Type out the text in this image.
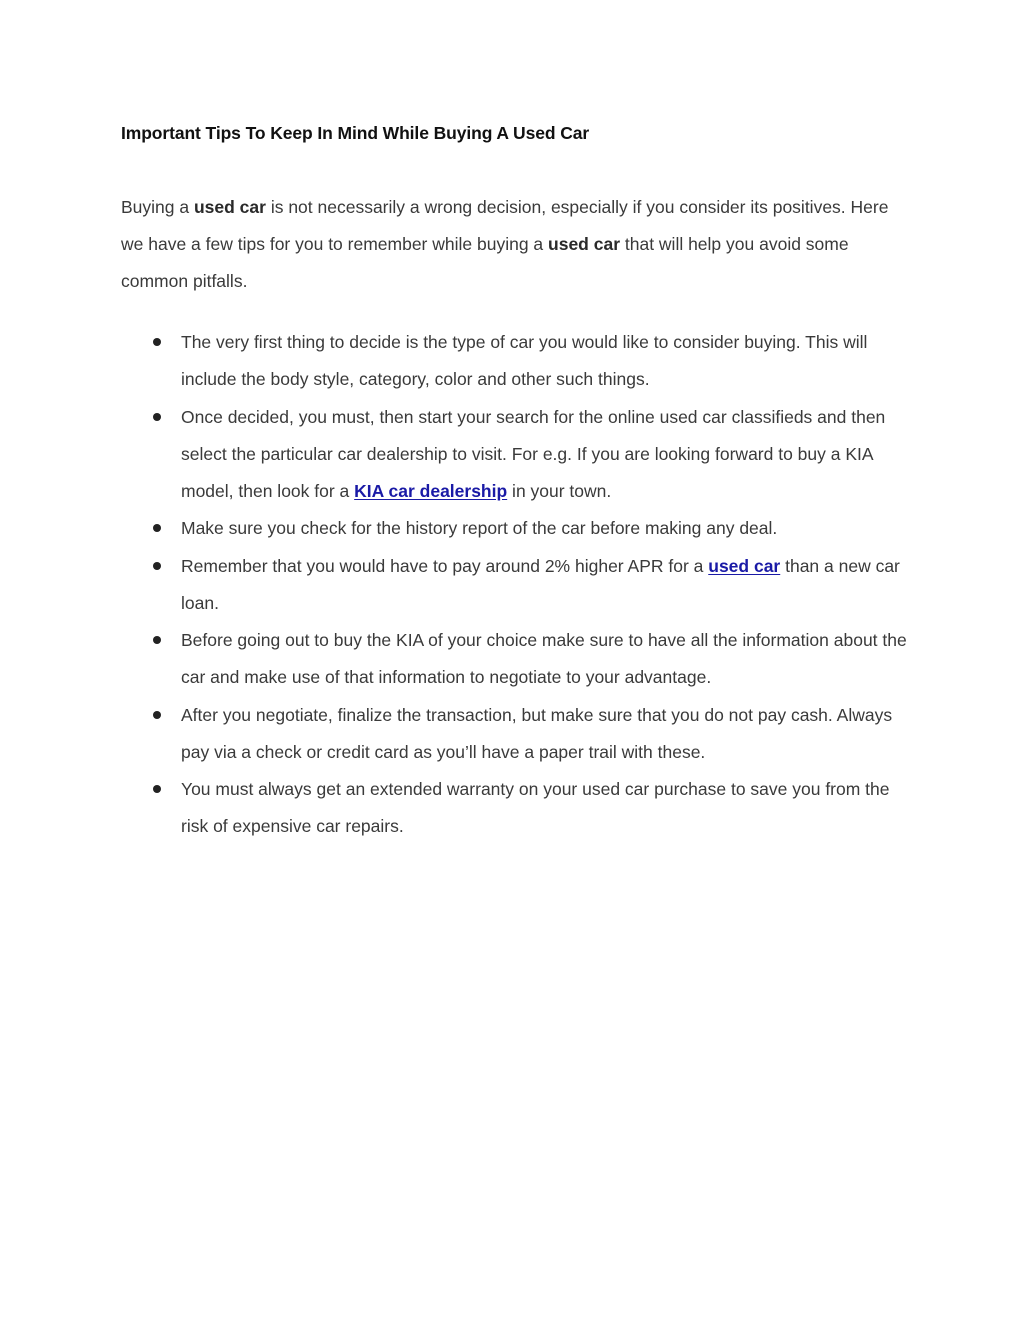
Important Tips To Keep In Mind While Buying A Used Car

Buying a used car is not necessarily a wrong decision, especially if you consider its positives. Here we have a few tips for you to remember while buying a used car that will help you avoid some common pitfalls.

The very first thing to decide is the type of car you would like to consider buying. This will include the body style, category, color and other such things.
Once decided, you must, then start your search for the online used car classifieds and then select the particular car dealership to visit. For e.g. If you are looking forward to buy a KIA model, then look for a KIA car dealership in your town.
Make sure you check for the history report of the car before making any deal.
Remember that you would have to pay around 2% higher APR for a used car than a new car loan.
Before going out to buy the KIA of your choice make sure to have all the information about the car and make use of that information to negotiate to your advantage.
After you negotiate, finalize the transaction, but make sure that you do not pay cash. Always pay via a check or credit card as you’ll have a paper trail with these.
You must always get an extended warranty on your used car purchase to save you from the risk of expensive car repairs.
